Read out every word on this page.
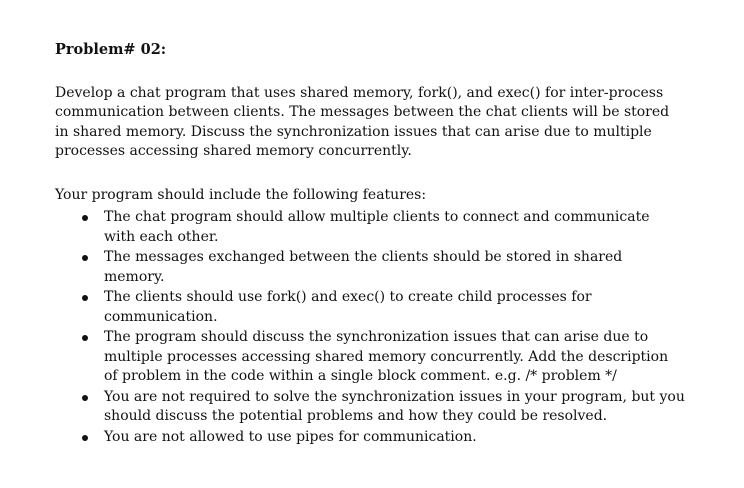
Problem# 02:
Develop a chat program that uses shared memory, fork(), and exec() for inter-process communication between clients. The messages between the chat clients will be stored in shared memory. Discuss the synchronization issues that can arise due to multiple processes accessing shared memory concurrently.
Your program should include the following features:
The chat program should allow multiple clients to connect and communicate with each other.
The messages exchanged between the clients should be stored in shared memory.
The clients should use fork() and exec() to create child processes for communication.
The program should discuss the synchronization issues that can arise due to multiple processes accessing shared memory concurrently. Add the description of problem in the code within a single block comment. e.g. /* problem */
You are not required to solve the synchronization issues in your program, but you should discuss the potential problems and how they could be resolved.
You are not allowed to use pipes for communication.
